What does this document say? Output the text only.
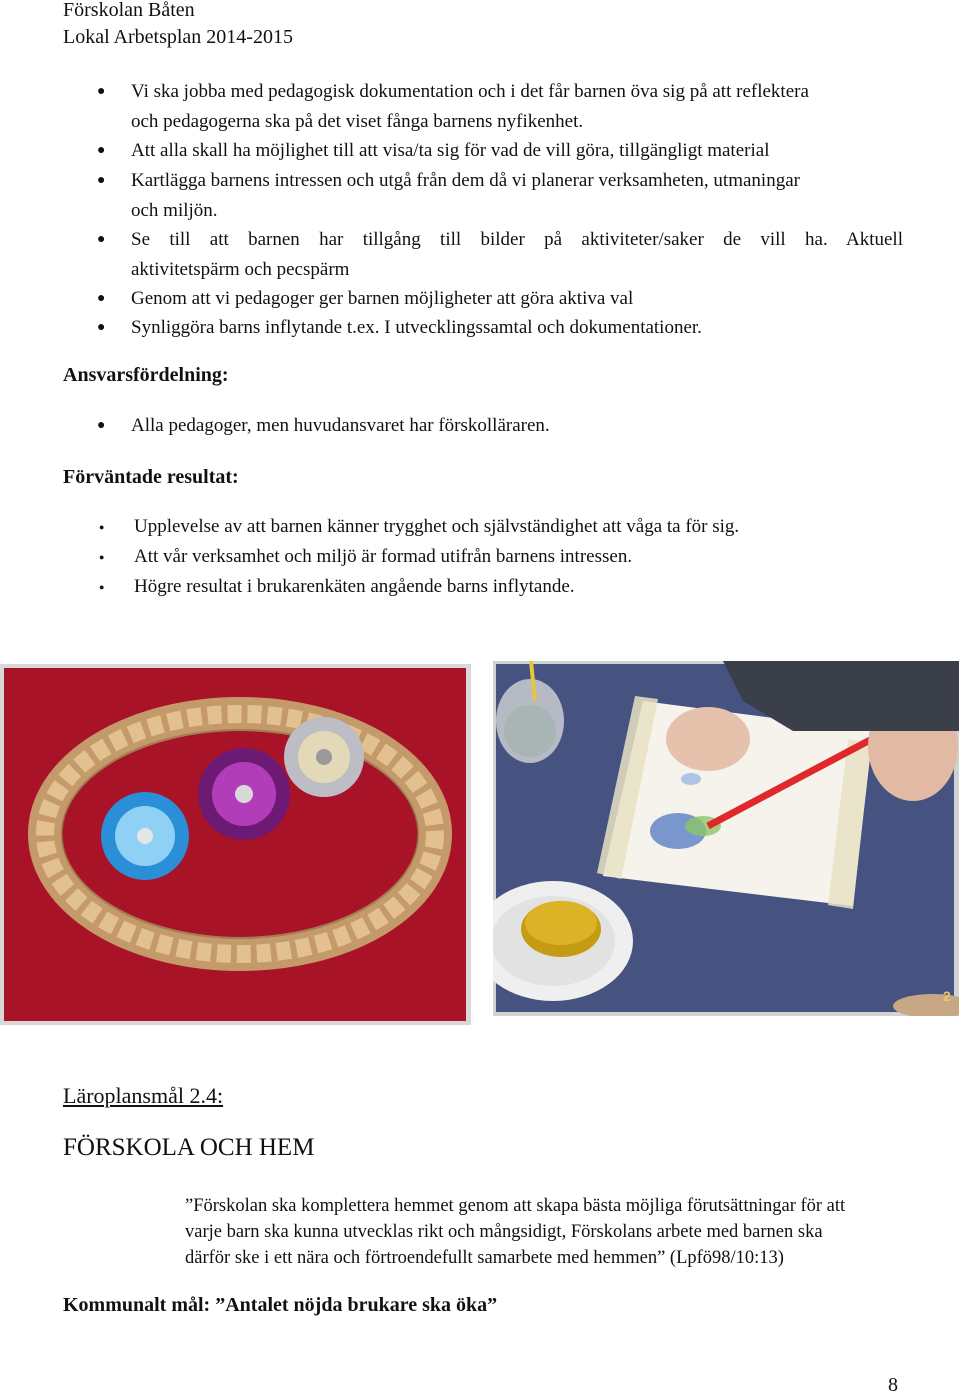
Förskolan Båten
Lokal Arbetsplan 2014-2015
● Vi ska jobba med pedagogisk dokumentation och i det får barnen öva sig på att reflektera
och pedagogerna ska på det viset fånga barnens nyfikenhet.
● Att alla skall ha möjlighet till att visa/ta sig för vad de vill göra, tillgängligt material
● Kartlägga barnens intressen och utgå från dem då vi planerar verksamheten, utmaningar
och miljön.
● Se till att barnen har tillgång till bilder på aktiviteter/saker de vill ha. Aktuell
aktivitetspärm och pecspärm
● Genom att vi pedagoger ger barnen möjligheter att göra aktiva val
● Synliggöra barns inflytande t.ex. I utvecklingssamtal och dokumentationer.
Ansvarsfördelning:
● Alla pedagoger, men huvudansvaret har förskolläraren.
Förväntade resultat:
● Upplevelse av att barnen känner trygghet och självständighet att våga ta för sig.
● Att vår verksamhet och miljö är formad utifrån barnens intressen.
● Högre resultat i brukarenkäten angående barns inflytande.
2
Läroplansmål 2.4:
FÖRSKOLA OCH HEM
”Förskolan ska komplettera hemmet genom att skapa bästa möjliga förutsättningar för att
varje barn ska kunna utvecklas rikt och mångsidigt, Förskolans arbete med barnen ska
därför ske i ett nära och förtroendefullt samarbete med hemmen” (Lpfö98/10:13)
Kommunalt mål: ”Antalet nöjda brukare ska öka”
8
